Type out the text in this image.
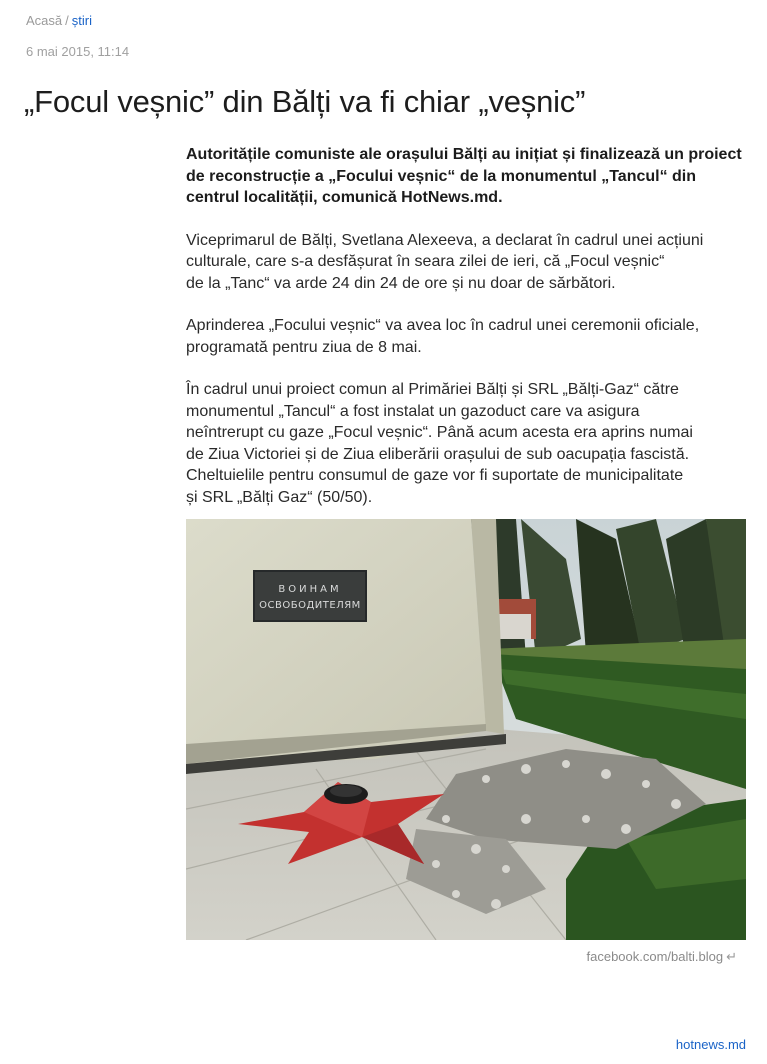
Acasă / știri
6 mai 2015, 11:14
„Focul veșnic” din Bălți va fi chiar „veșnic”

Autoritățile comuniste ale orașului Bălți au inițiat și finalizează un proiect
de reconstrucție a „Focului veșnic“ de la monumentul „Tancul“ din
centrul localității, comunică HotNews.md.

Viceprimarul de Bălți, Svetlana Alexeeva, a declarat în cadrul unei acțiuni
culturale, care s-a desfășurat în seara zilei de ieri, că „Focul veșnic“
de la „Tanc“ va arde 24 din 24 de ore și nu doar de sărbători.

Aprinderea „Focului veșnic“ va avea loc în cadrul unei ceremonii oficiale,
programată pentru ziua de 8 mai.

În cadrul unui proiect comun al Primăriei Bălți și SRL „Bălți-Gaz“ către
monumentul „Tancul“ a fost instalat un gazoduct care va asigura
neîntrerupt cu gaze „Focul veșnic“. Până acum acesta era aprins numai
de Ziua Victoriei și de Ziua eliberării orașului de sub oacupația fascistă.
Cheltuielile pentru consumul de gaze vor fi suportate de municipalitate
și SRL „Bălți Gaz“ (50/50).

ВОИНАМ
ОСВОБОДИТЕЛЯМ
facebook.com/balti.blog ↵
hotnews.md
